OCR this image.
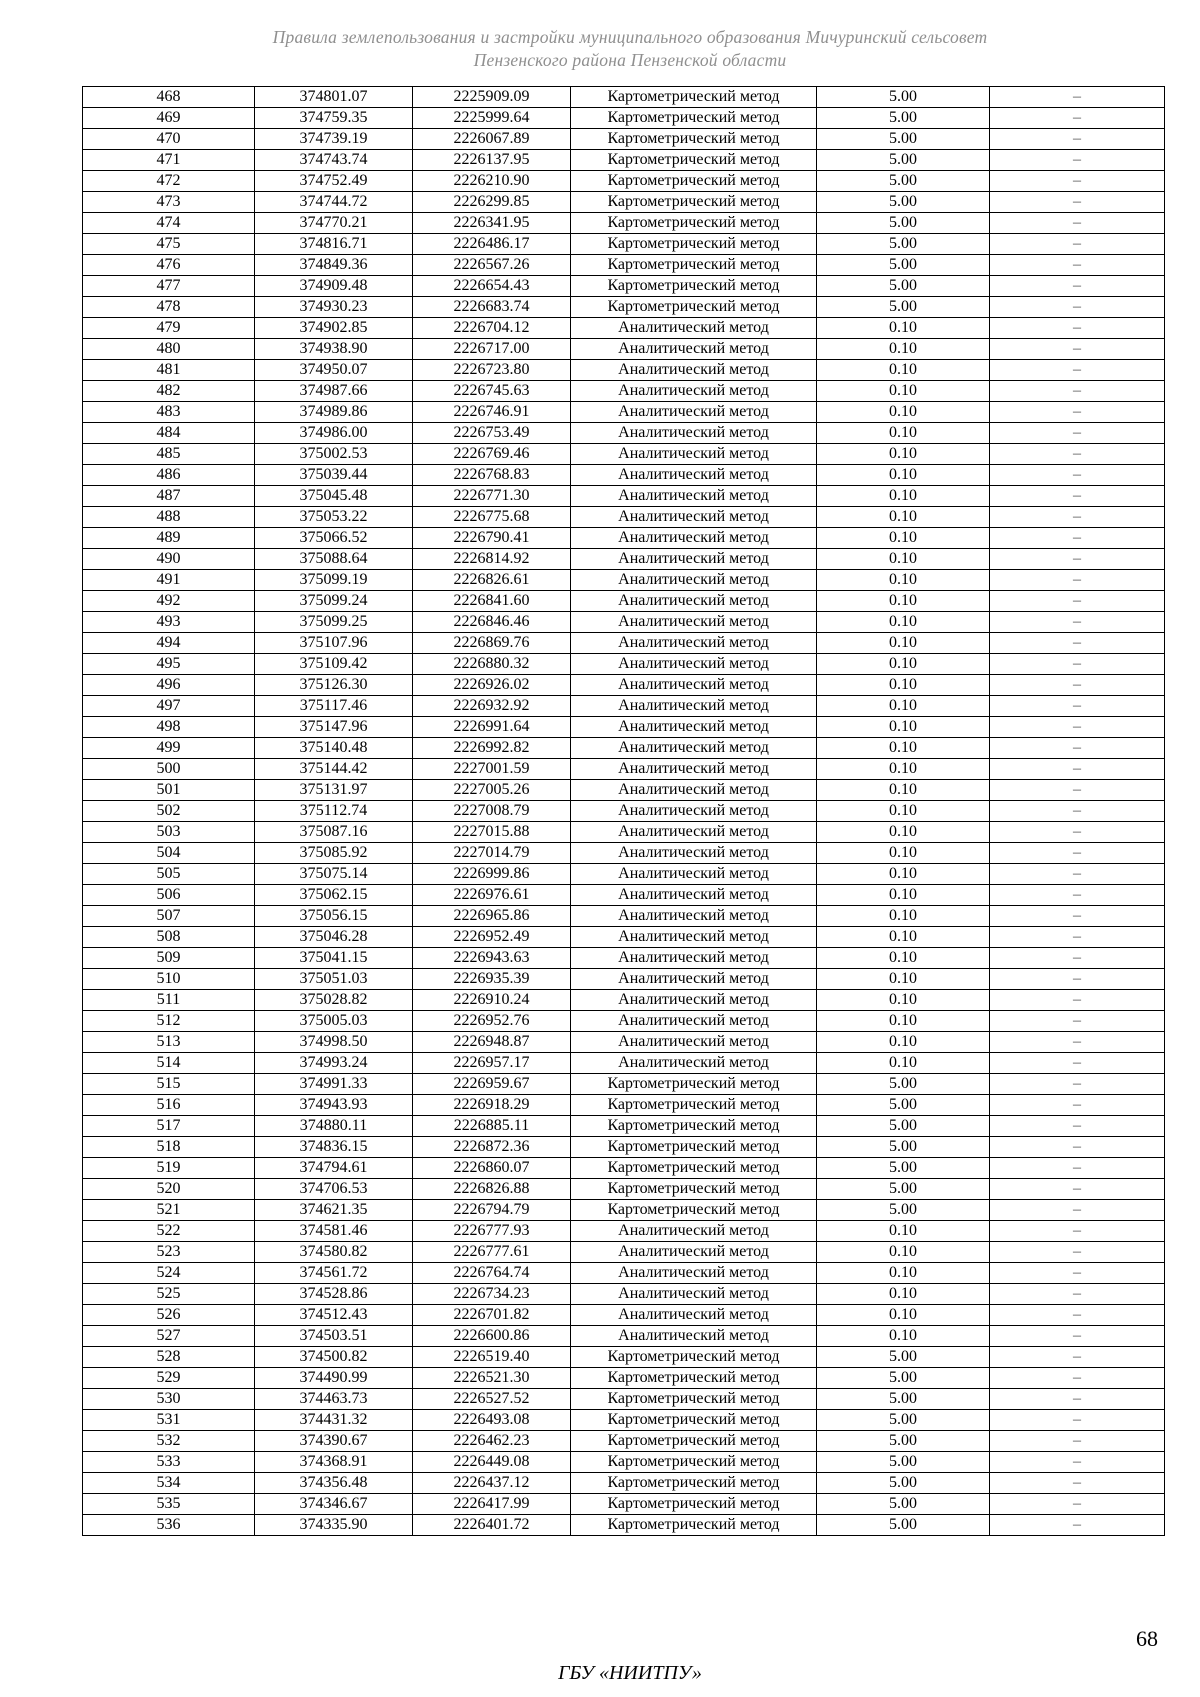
Правила землепользования и застройки муниципального образования Мичуринский сельсовет
Пензенского района Пензенской области
468	374801.07	2225909.09	Картометрический метод	5.00	–
469	374759.35	2225999.64	Картометрический метод	5.00	–
470	374739.19	2226067.89	Картометрический метод	5.00	–
471	374743.74	2226137.95	Картометрический метод	5.00	–
472	374752.49	2226210.90	Картометрический метод	5.00	–
473	374744.72	2226299.85	Картометрический метод	5.00	–
474	374770.21	2226341.95	Картометрический метод	5.00	–
475	374816.71	2226486.17	Картометрический метод	5.00	–
476	374849.36	2226567.26	Картометрический метод	5.00	–
477	374909.48	2226654.43	Картометрический метод	5.00	–
478	374930.23	2226683.74	Картометрический метод	5.00	–
479	374902.85	2226704.12	Аналитический метод	0.10	–
480	374938.90	2226717.00	Аналитический метод	0.10	–
481	374950.07	2226723.80	Аналитический метод	0.10	–
482	374987.66	2226745.63	Аналитический метод	0.10	–
483	374989.86	2226746.91	Аналитический метод	0.10	–
484	374986.00	2226753.49	Аналитический метод	0.10	–
485	375002.53	2226769.46	Аналитический метод	0.10	–
486	375039.44	2226768.83	Аналитический метод	0.10	–
487	375045.48	2226771.30	Аналитический метод	0.10	–
488	375053.22	2226775.68	Аналитический метод	0.10	–
489	375066.52	2226790.41	Аналитический метод	0.10	–
490	375088.64	2226814.92	Аналитический метод	0.10	–
491	375099.19	2226826.61	Аналитический метод	0.10	–
492	375099.24	2226841.60	Аналитический метод	0.10	–
493	375099.25	2226846.46	Аналитический метод	0.10	–
494	375107.96	2226869.76	Аналитический метод	0.10	–
495	375109.42	2226880.32	Аналитический метод	0.10	–
496	375126.30	2226926.02	Аналитический метод	0.10	–
497	375117.46	2226932.92	Аналитический метод	0.10	–
498	375147.96	2226991.64	Аналитический метод	0.10	–
499	375140.48	2226992.82	Аналитический метод	0.10	–
500	375144.42	2227001.59	Аналитический метод	0.10	–
501	375131.97	2227005.26	Аналитический метод	0.10	–
502	375112.74	2227008.79	Аналитический метод	0.10	–
503	375087.16	2227015.88	Аналитический метод	0.10	–
504	375085.92	2227014.79	Аналитический метод	0.10	–
505	375075.14	2226999.86	Аналитический метод	0.10	–
506	375062.15	2226976.61	Аналитический метод	0.10	–
507	375056.15	2226965.86	Аналитический метод	0.10	–
508	375046.28	2226952.49	Аналитический метод	0.10	–
509	375041.15	2226943.63	Аналитический метод	0.10	–
510	375051.03	2226935.39	Аналитический метод	0.10	–
511	375028.82	2226910.24	Аналитический метод	0.10	–
512	375005.03	2226952.76	Аналитический метод	0.10	–
513	374998.50	2226948.87	Аналитический метод	0.10	–
514	374993.24	2226957.17	Аналитический метод	0.10	–
515	374991.33	2226959.67	Картометрический метод	5.00	–
516	374943.93	2226918.29	Картометрический метод	5.00	–
517	374880.11	2226885.11	Картометрический метод	5.00	–
518	374836.15	2226872.36	Картометрический метод	5.00	–
519	374794.61	2226860.07	Картометрический метод	5.00	–
520	374706.53	2226826.88	Картометрический метод	5.00	–
521	374621.35	2226794.79	Картометрический метод	5.00	–
522	374581.46	2226777.93	Аналитический метод	0.10	–
523	374580.82	2226777.61	Аналитический метод	0.10	–
524	374561.72	2226764.74	Аналитический метод	0.10	–
525	374528.86	2226734.23	Аналитический метод	0.10	–
526	374512.43	2226701.82	Аналитический метод	0.10	–
527	374503.51	2226600.86	Аналитический метод	0.10	–
528	374500.82	2226519.40	Картометрический метод	5.00	–
529	374490.99	2226521.30	Картометрический метод	5.00	–
530	374463.73	2226527.52	Картометрический метод	5.00	–
531	374431.32	2226493.08	Картометрический метод	5.00	–
532	374390.67	2226462.23	Картометрический метод	5.00	–
533	374368.91	2226449.08	Картометрический метод	5.00	–
534	374356.48	2226437.12	Картометрический метод	5.00	–
535	374346.67	2226417.99	Картометрический метод	5.00	–
536	374335.90	2226401.72	Картометрический метод	5.00	–
68
ГБУ «НИИТПУ»
